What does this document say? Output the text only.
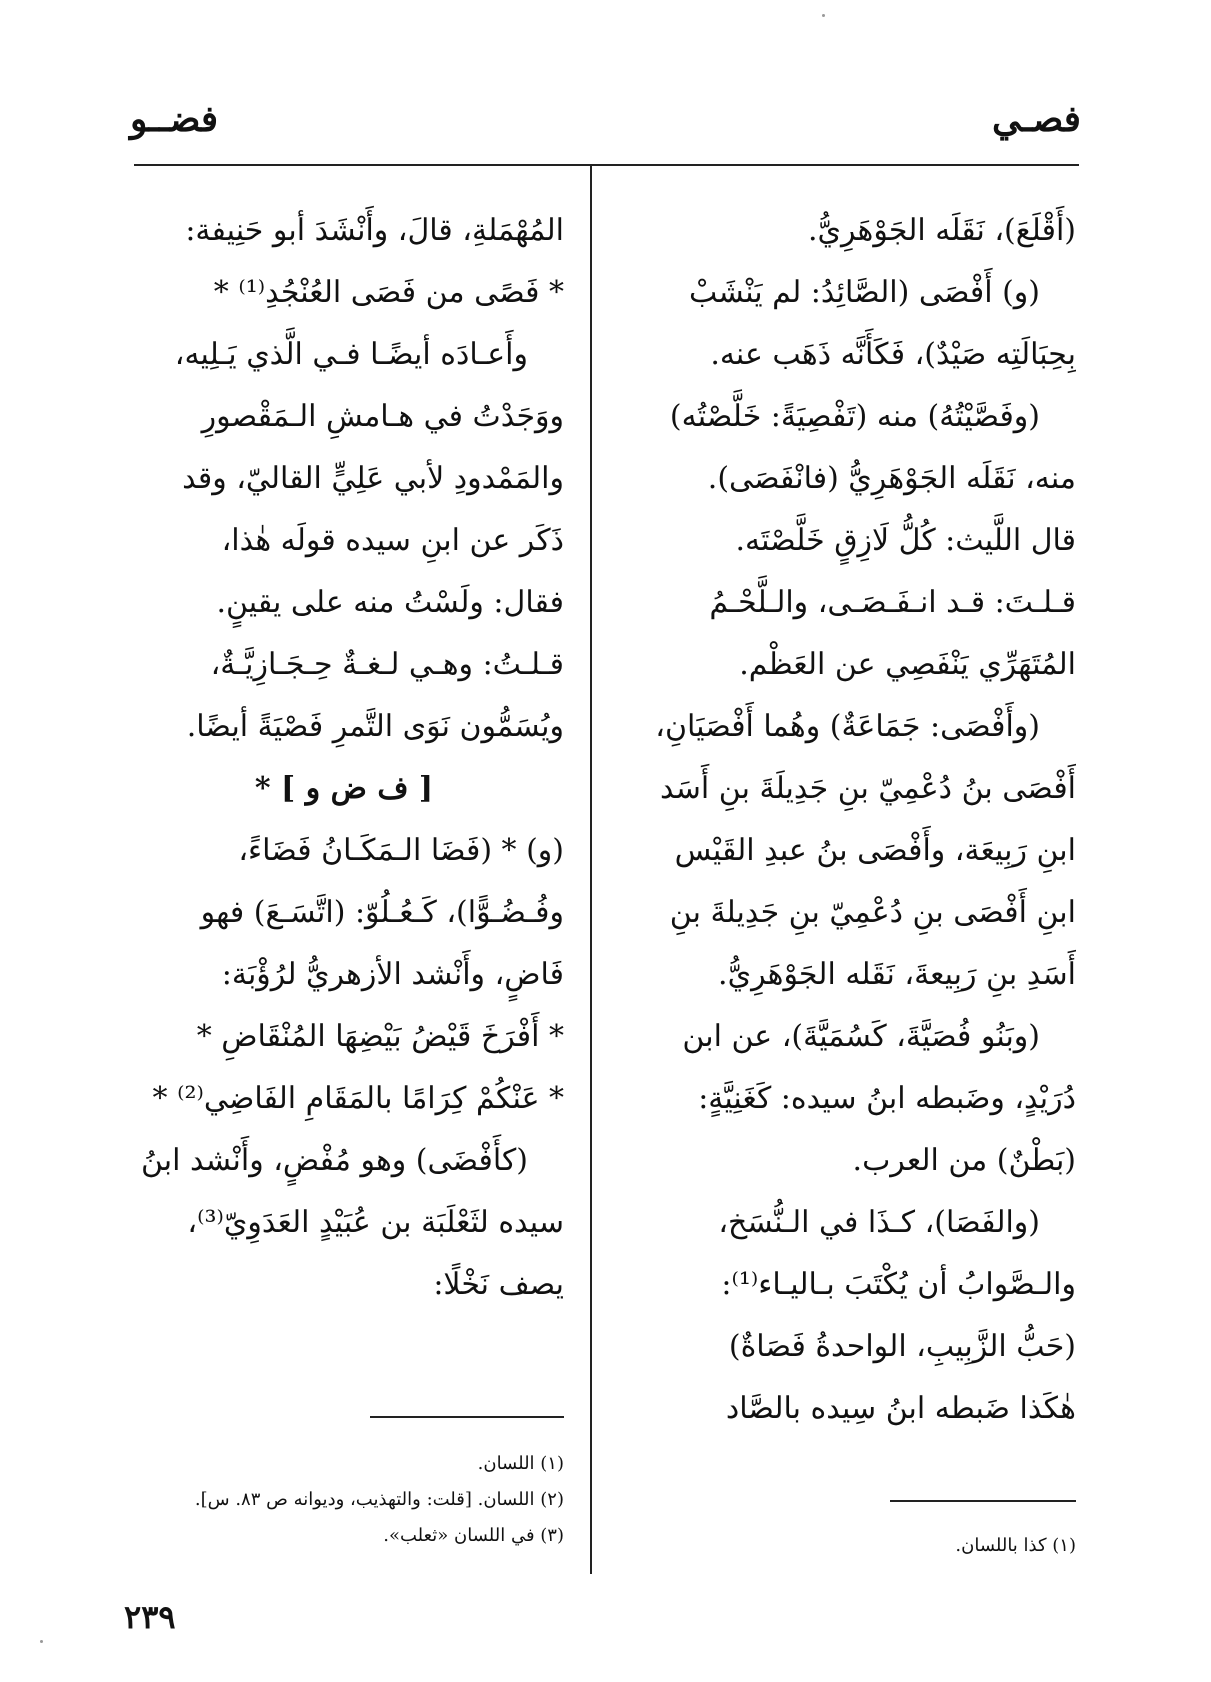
فصـي
فضــو
(أَقْلَعَ)، نَقَلَه الجَوْهَرِيُّ.
(و) أَفْصَى (الصَّائِدُ: لم يَنْشَبْ
بِحِبَالَتِه صَيْدٌ)، فَكَأَنَّه ذَهَب عنه.
(وفَصَّيْتُهُ) منه (تَفْصِيَةً: خَلَّصْتُه)
منه، نَقَلَه الجَوْهَرِيُّ (فانْفَصَى).
قال اللَّيث: كُلُّ لَازِقٍ خَلَّصْتَه.
قـلـتَ: قـد انـفَـصَـى، والـلَّحْـمُ
المُتَهَرِّي يَنْفَصِي عن العَظْم.
(وأَفْصَى: جَمَاعَةٌ) وهُما أَفْصَيَانِ،
أَفْصَى بنُ دُعْمِيّ بنِ جَدِيلَةَ بنِ أَسَد
ابنِ رَبِيعَة، وأَفْصَى بنُ عبدِ القَيْس
ابنِ أَفْصَى بنِ دُعْمِيّ بنِ جَدِيلةَ بنِ
أَسَدِ بنِ رَبِيعةَ، نَقَله الجَوْهَرِيُّ.
(وبَنُو فُصَيَّةَ، كَسُمَيَّةَ)، عن ابن
دُرَيْدٍ، وضَبطه ابنُ سيده: كَغَنِيَّةٍ:
(بَطْنٌ) من العرب.
(والفَصَا)، كـذَا في الـنُّسَخ،
والـصَّوابُ أن يُكْتَبَ بـاليـاء⁽¹⁾:
(حَبُّ الزَّبِيبِ، الواحدةُ فَصَاةٌ)
هٰكَذا ضَبطه ابنُ سِيده بالصَّاد
المُهْمَلةِ، قالَ، وأَنْشَدَ أبو حَنِيفة:
* فَصًى من فَصَى العُنْجُدِ⁽¹⁾ *
وأَعـادَه أيضًـا فـي الَّذي يَـلِيه،
ووَجَدْتُ في هـامشِ الـمَقْصورِ
والمَمْدودِ لأبي عَلِيٍّ القاليّ، وقد
ذَكَر عن ابنِ سيده قولَه هٰذا،
فقال: ولَسْتُ منه على يقينٍ.
قـلـتُ: وهـي لـغـةٌ حِـجَـازِيَّـةٌ،
ويُسَمُّون نَوَى التَّمرِ فَصْيَةً أيضًا.
[ ف ض و ] *
(و) * (فَضَا الـمَكَـانُ فَضَاءً،
وفُـضُـوًّا)، كَـعُـلُوّ: (اتَّسَـعَ) فهو
فَاضٍ، وأَنْشد الأزهريُّ لرُؤْبَة:
* أَفْرَخَ قَيْضُ بَيْضِهَا المُنْقَاضِ *
* عَنْكُمْ كِرَامًا بالمَقَامِ الفَاضِي⁽²⁾ *
(كأَفْضَى) وهو مُفْضٍ، وأَنْشد ابنُ
سيده لثَعْلَبَة بن عُبَيْدٍ العَدَوِيّ⁽³⁾،
يصف نَخْلًا:
(١) كذا باللسان.
(١) اللسان.
(٢) اللسان. [قلت: والتهذيب، وديوانه ص ٨٣. س].
(٣) في اللسان «ثعلب».
٢٣٩
